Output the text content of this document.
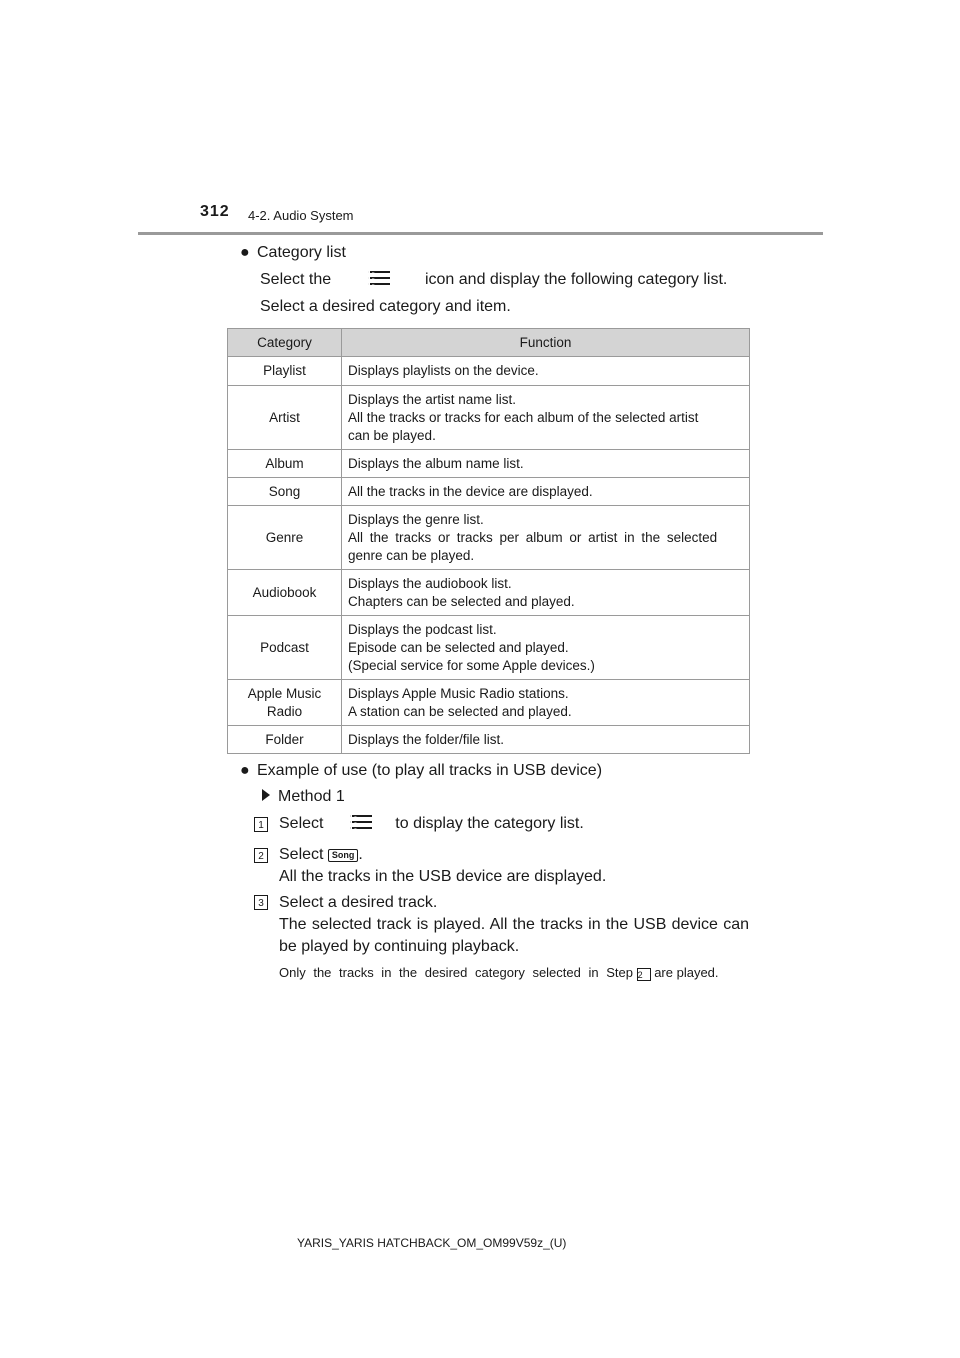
312 4-2. Audio System
● Category list
Select the	icon and display the following category list.
Select a desired category and item.
Category	Function
Playlist	Displays playlists on the device.

Artist	Displays the artist name list.
All the tracks or tracks for each album of the selected artist
can be played.

Album	Displays the album name list.

Song	All the tracks in the device are displayed.

Genre	Displays the genre list.
All the tracks or tracks per album or artist in the selected
genre can be played.

Audiobook	Displays the audiobook list.
Chapters can be selected and played.

Podcast	Displays the podcast list.
Episode can be selected and played.
(Special service for some Apple devices.)

Apple Music
Radio	Displays Apple Music Radio stations.
A station can be selected and played.

Folder	Displays the folder/file list.
● Example of use (to play all tracks in USB device)
Method 1
1 Select	to display the category list.
2 Select Song .
All the tracks in the USB device are displayed.
3 Select a desired track.
The selected track is played. All the tracks in the USB device can be played by continuing playback.
Only the tracks in the desired category selected in Step 2 are played.
YARIS_YARIS HATCHBACK_OM_OM99V59z_(U)
